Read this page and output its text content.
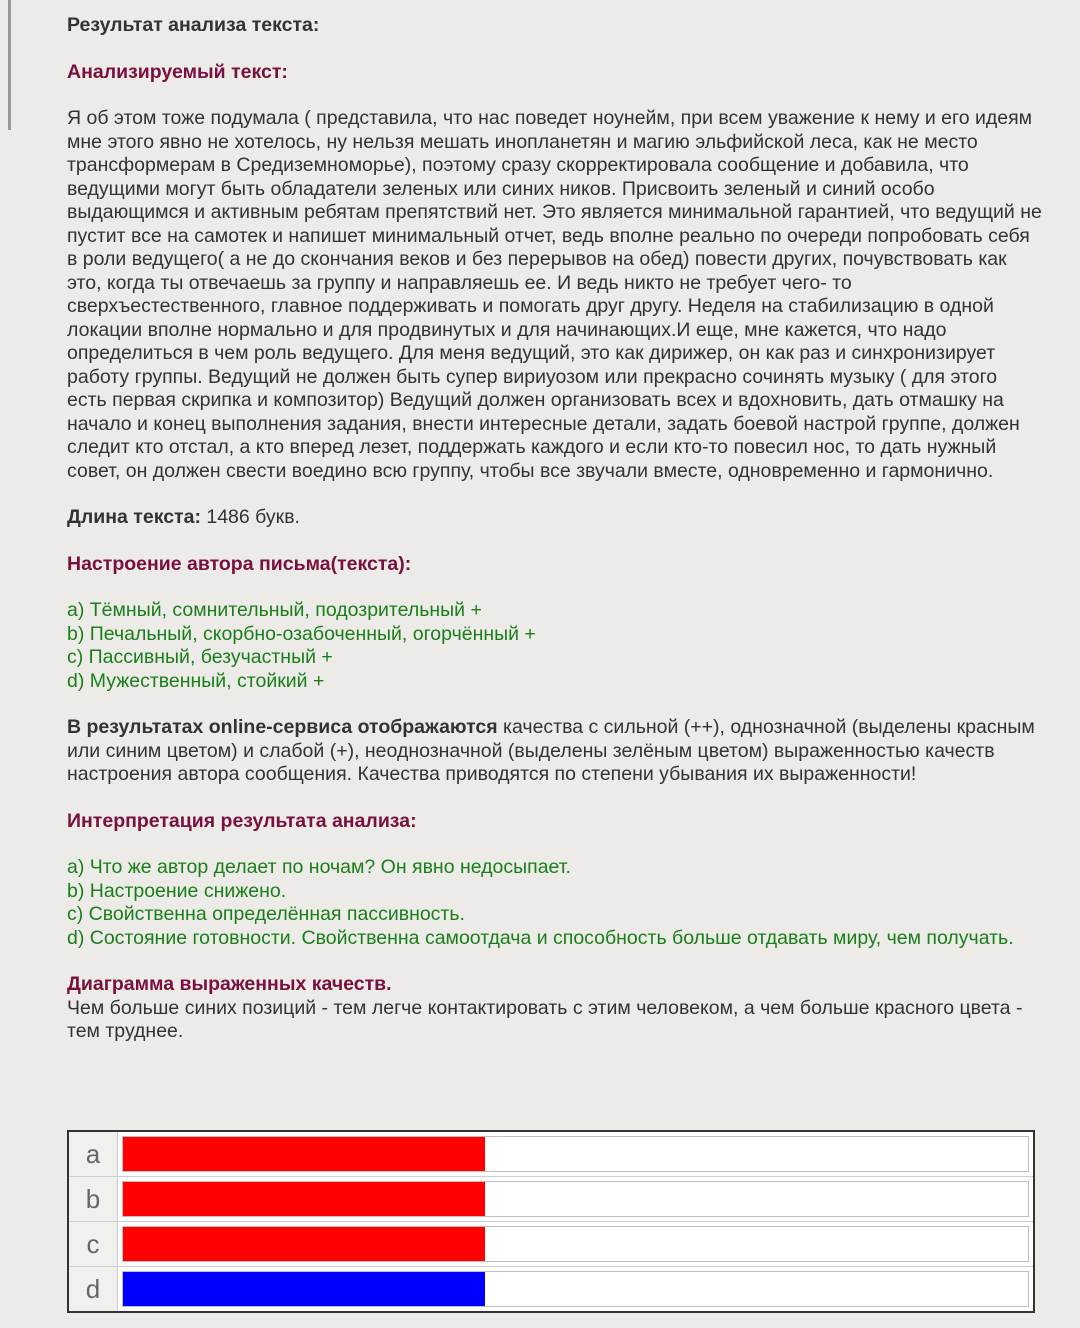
Результат анализа текста:

Анализируемый текст:

Я об этом тоже подумала ( представила, что нас поведет ноунейм, при всем уважение к нему и его идеям мне этого явно не хотелось, ну нельзя мешать инопланетян и магию эльфийской леса, как не место трансформерам в Средиземноморье), поэтому сразу скорректировала сообщение и добавила, что ведущими могут быть обладатели зеленых или синих ников. Присвоить зеленый и синий особо выдающимся и активным ребятам препятствий нет. Это является минимальной гарантией, что ведущий не пустит все на самотек и напишет минимальный отчет, ведь вполне реально по очереди попробовать себя в роли ведущего( а не до скончания веков и без перерывов на обед) повести других, почувствовать как это, когда ты отвечаешь за группу и направляешь ее. И ведь никто не требует чего- то сверхъестественного, главное поддерживать и помогать друг другу. Неделя на стабилизацию в одной локации вполне нормально и для продвинутых и для начинающих.И еще, мне кажется, что надо определиться в чем роль ведущего. Для меня ведущий, это как дирижер, он как раз и синхронизирует работу группы. Ведущий не должен быть супер вириуозом или прекрасно сочинять музыку ( для этого есть первая скрипка и композитор) Ведущий должен организовать всех и вдохновить, дать отмашку на начало и конец выполнения задания, внести интересные детали, задать боевой настрой группе, должен следит кто отстал, а кто вперед лезет, поддержать каждого и если кто-то повесил нос, то дать нужный совет, он должен свести воедино всю группу, чтобы все звучали вместе, одновременно и гармонично.

Длина текста: 1486 букв.

Настроение автора письма(текста):

a) Тёмный, сомнительный, подозрительный +
b) Печальный, скорбно-озабоченный, огорчённый +
c) Пассивный, безучастный +
d) Мужественный, стойкий +

В результатах online-сервиса отображаются качества с сильной (++), однозначной (выделены красным или синим цветом) и слабой (+), неоднозначной (выделены зелёным цветом) выраженностью качеств настроения автора сообщения. Качества приводятся по степени убывания их выраженности!

Интерпретация результата анализа:

a) Что же автор делает по ночам? Он явно недосыпает.
b) Настроение снижено.
c) Свойственна определённая пассивность.
d) Состояние готовности. Свойственна самоотдача и способность больше отдавать миру, чем получать.

Диаграмма выраженных качеств.

Чем больше синих позиций - тем легче контактировать с этим человеком, а чем больше красного цвета - тем труднее.

a
b
c
d
